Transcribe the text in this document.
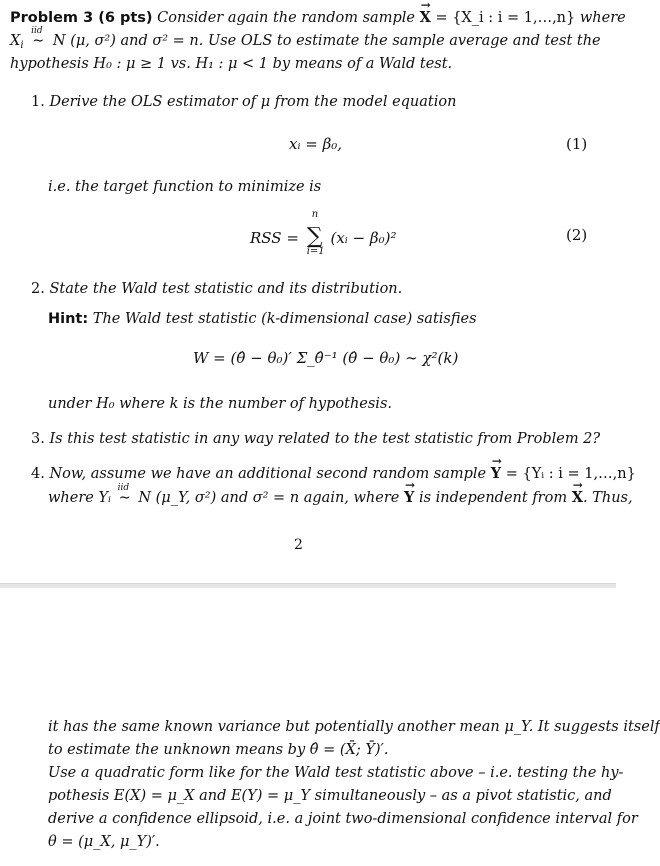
Problem 3 (6 pts) Consider again the random sample X
→
= {X_i : i = 1,…,n} where
$X_i$ ∼
iid
N (μ, σ²) and σ² = n. Use OLS to estimate the sample average and test the
hypothesis H₀ : μ ≥ 1 vs. H₁ : μ < 1 by means of a Wald test.
1. Derive the OLS estimator of μ from the model equation
xᵢ = β₀,	(1)
i.e. the target function to minimize is
RSS =
n
∑
i=1
(xᵢ − β₀)²	(2)
2. State the Wald test statistic and its distribution.
Hint: The Wald test statistic (k-dimensional case) satisfies
W = (θ̂ − θ₀)′ Σ_θ̂⁻¹ (θ̂ − θ₀) ∼ χ²(k)
under H₀ where k is the number of hypothesis.
3. Is this test statistic in any way related to the test statistic from Problem 2?
4. Now, assume we have an additional second random sample Y
→
= {Yᵢ : i = 1,…,n}
where Yᵢ ∼
iid
N (μ_Y, σ²) and σ² = n again, where Y
→
is independent from X
→
. Thus,
2
it has the same known variance but potentially another mean μ_Y. It suggests itself
to estimate the unknown means by θ̂ = (X̄; Ȳ)′.
Use a quadratic form like for the Wald test statistic above – i.e. testing the hy-
pothesis E(X) = μ_X and E(Y) = μ_Y simultaneously – as a pivot statistic, and
derive a confidence ellipsoid, i.e. a joint two-dimensional confidence interval for
θ = (μ_X, μ_Y)′.
